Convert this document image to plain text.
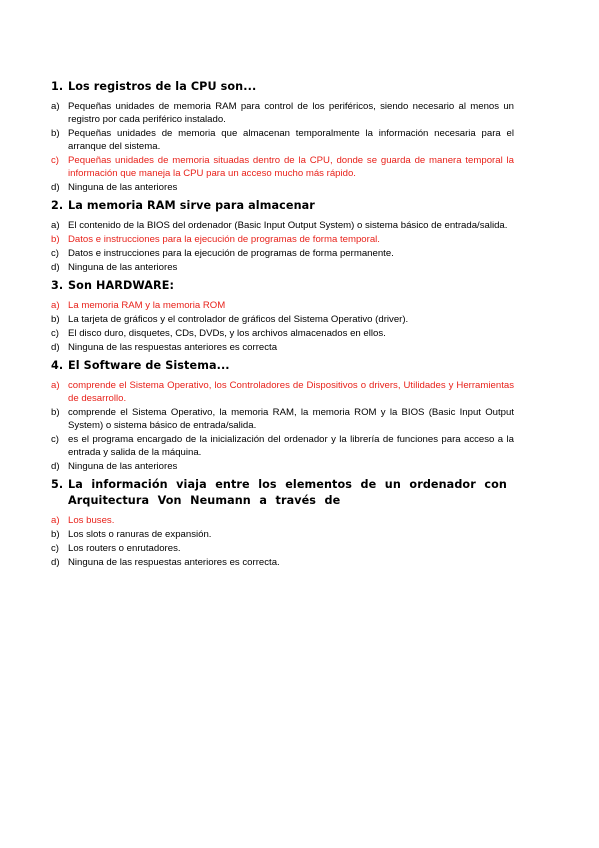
1. Los registros de la CPU son...
a) Pequeñas unidades de memoria RAM para control de los periféricos, siendo necesario al menos un registro por cada periférico instalado.
b) Pequeñas unidades de memoria que almacenan temporalmente la información necesaria para el arranque del sistema.
c) Pequeñas unidades de memoria situadas dentro de la CPU, donde se guarda de manera temporal la información que maneja la CPU para un acceso mucho más rápido.
d) Ninguna de las anteriores
2. La memoria RAM sirve para almacenar
a) El contenido de la BIOS del ordenador (Basic Input Output System) o sistema básico de entrada/salida.
b) Datos e instrucciones para la ejecución de programas de forma temporal.
c) Datos e instrucciones para la ejecución de programas de forma permanente.
d) Ninguna de las anteriores
3. Son HARDWARE:
a) La memoria RAM y la memoria ROM
b) La tarjeta de gráficos y el controlador de gráficos del Sistema Operativo (driver).
c) El disco duro, disquetes, CDs, DVDs, y los archivos almacenados en ellos.
d) Ninguna de las respuestas anteriores es correcta
4. El Software de Sistema...
a) comprende el Sistema Operativo, los Controladores de Dispositivos o drivers, Utilidades y Herramientas de desarrollo.
b) comprende el Sistema Operativo, la memoria RAM, la memoria ROM y la BIOS (Basic Input Output System) o sistema básico de entrada/salida.
c) es el programa encargado de la inicialización del ordenador y la librería de funciones para acceso a la entrada y salida de la máquina.
d) Ninguna de las anteriores
5. La información viaja entre los elementos de un ordenador con Arquitectura Von Neumann a través de
a) Los buses.
b) Los slots o ranuras de expansión.
c) Los routers o enrutadores.
d) Ninguna de las respuestas anteriores es correcta.
